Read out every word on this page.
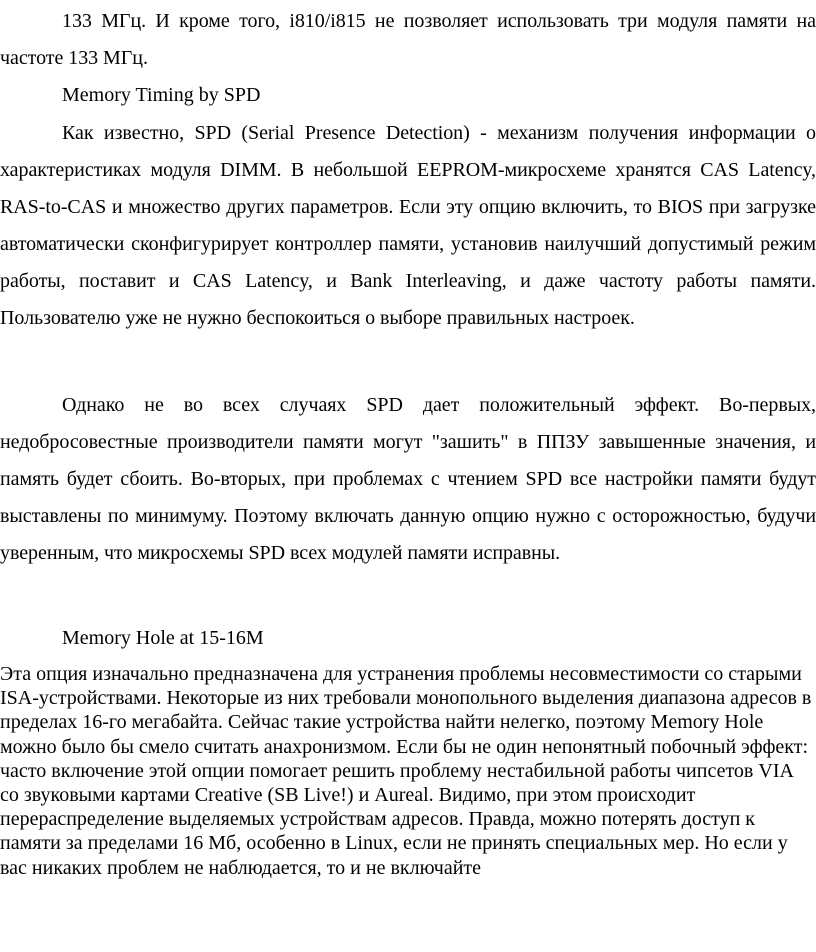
133 МГц. И кроме того, i810/i815 не позволяет использовать три модуля памяти на частоте 133 МГц.

Memory Timing by SPD

Как известно, SPD (Serial Presence Detection) - механизм получения информации о характеристиках модуля DIMM. В небольшой EEPROM-микросхеме хранятся CAS Latency, RAS-to-CAS и множество других параметров. Если эту опцию включить, то BIOS при загрузке автоматически сконфигурирует контроллер памяти, установив наилучший допустимый режим работы, поставит и CAS Latency, и Bank Interleaving, и даже частоту работы памяти. Пользователю уже не нужно беспокоиться о выборе правильных настроек.

Однако не во всех случаях SPD дает положительный эффект. Во-первых, недобросовестные производители памяти могут "зашить" в ППЗУ завышенные значения, и память будет сбоить. Во-вторых, при проблемах с чтением SPD все настройки памяти будут выставлены по минимуму. Поэтому включать данную опцию нужно с осторожностью, будучи уверенным, что микросхемы SPD всех модулей памяти исправны.

Memory Hole at 15-16M

Эта опция изначально предназначена для устранения проблемы несовместимости со старыми ISA-устройствами. Некоторые из них требовали монопольного выделения диапазона адресов в пределах 16-го мегабайта. Сейчас такие устройства найти нелегко, поэтому Memory Hole можно было бы смело считать анахронизмом. Если бы не один непонятный побочный эффект: часто включение этой опции помогает решить проблему нестабильной работы чипсетов VIA со звуковыми картами Creative (SB Live!) и Aureal. Видимо, при этом происходит перераспределение выделяемых устройствам адресов. Правда, можно потерять доступ к памяти за пределами 16 Мб, особенно в Linux, если не принять специальных мер. Но если у вас никаких проблем не наблюдается, то и не включайте
